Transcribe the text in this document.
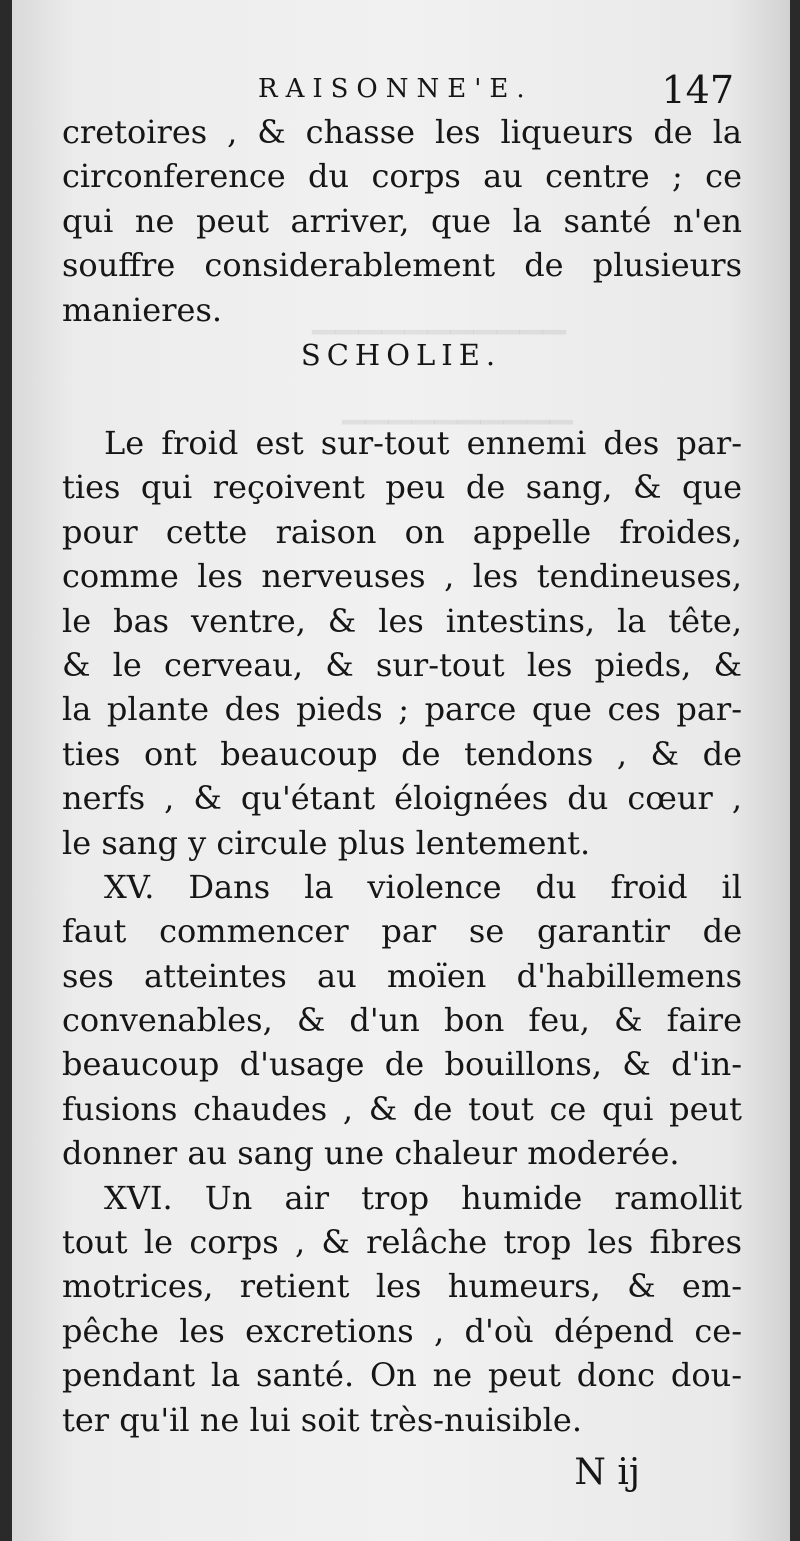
▁▁▁▁▁▁▁▁▁▁▁
▁▁▁▁▁▁▁▁▁▁
RAISONNE'E.	147
cretoires , & chasse les liqueurs de la
circonference du corps au centre ; ce
qui ne peut arriver, que la santé n'en
souffre considerablement de plusieurs
manieres.
SCHOLIE.
Le froid est sur-tout ennemi des par-
ties qui reçoivent peu de sang, & que
pour cette raison on appelle froides,
comme les nerveuses , les tendineuses,
le bas ventre, & les intestins, la tête,
& le cerveau, & sur-tout les pieds, &
la plante des pieds ; parce que ces par-
ties ont beaucoup de tendons , & de
nerfs , & qu'étant éloignées du cœur ,
le sang y circule plus lentement.
XV. Dans la violence du froid il
faut commencer par se garantir de
ses atteintes au moïen d'habillemens
convenables, & d'un bon feu, & faire
beaucoup d'usage de bouillons, & d'in-
fusions chaudes , & de tout ce qui peut
donner au sang une chaleur moderée.
XVI. Un air trop humide ramollit
tout le corps , & relâche trop les fibres
motrices, retient les humeurs, & em-
pêche les excretions , d'où dépend ce-
pendant la santé. On ne peut donc dou-
ter qu'il ne lui soit très-nuisible.
N ij
